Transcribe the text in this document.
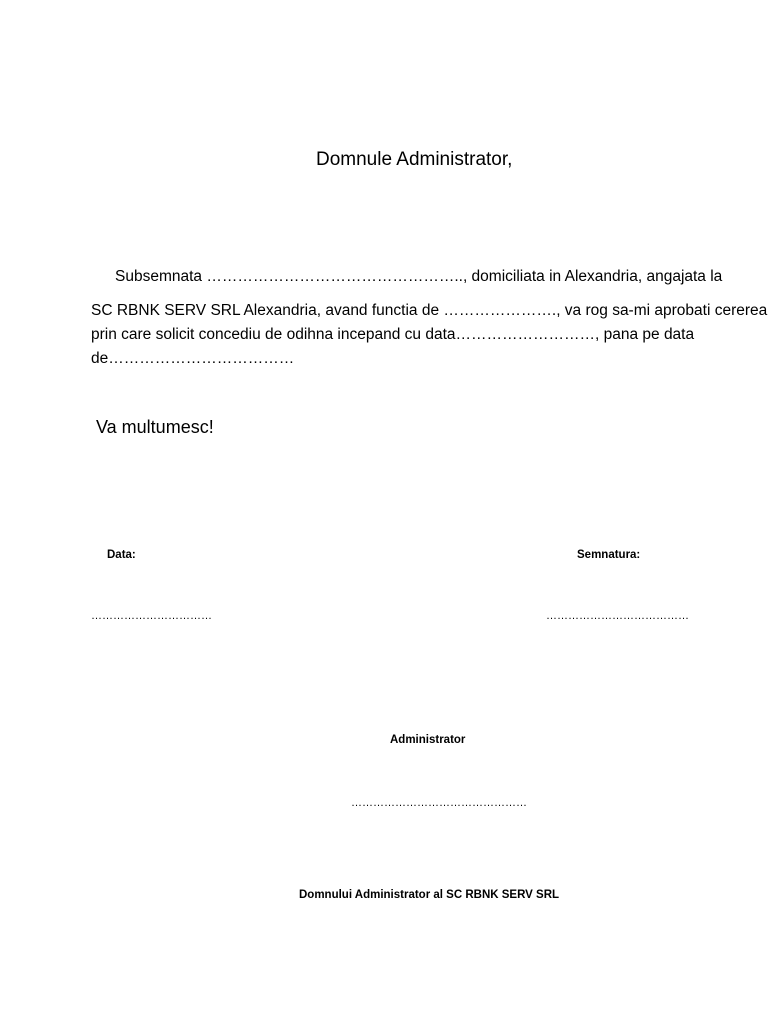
Domnule Administrator,
Subsemnata ………………………………………….., domiciliata in Alexandria, angajata la
SC RBNK SERV SRL Alexandria, avand functia de …………………., va rog sa-mi aprobati cererea
prin care solicit concediu de odihna incepand cu data………………………, pana pe data
de………………………………
Va multumesc!
Data:	Semnatura:
……………………………	…………………………………
Administrator
…………………………………………
Domnului Administrator al SC RBNK SERV SRL
